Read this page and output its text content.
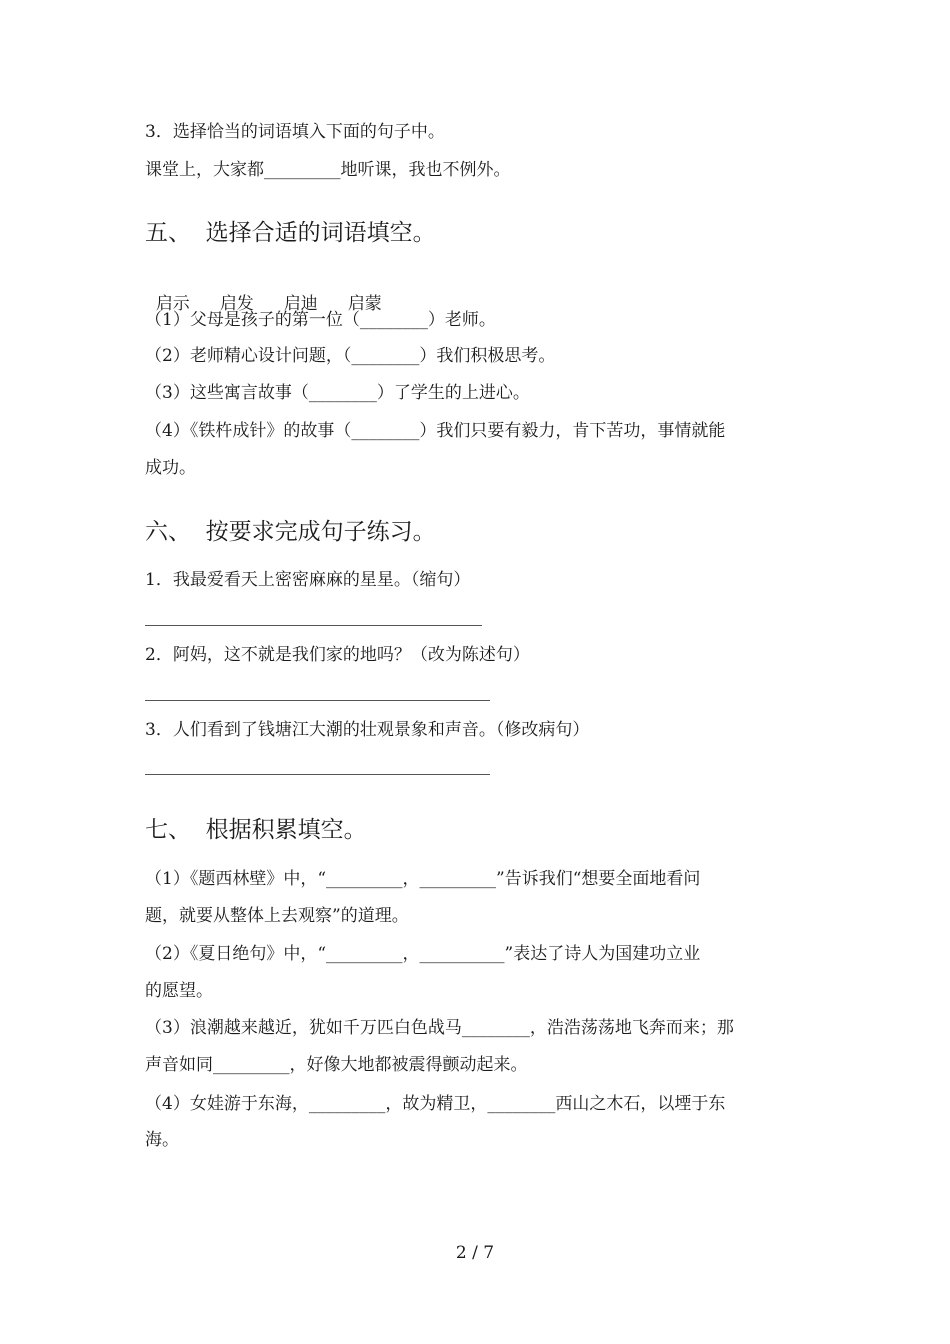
3．选择恰当的词语填入下面的句子中。
课堂上，大家都_________地听课，我也不例外。
五、  选择合适的词语填空。

启示 启发 启迪 启蒙

（1）父母是孩子的第一位（________）老师。
（2）老师精心设计问题，（________）我们积极思考。
（3）这些寓言故事（________）了学生的上进心。
（4）《铁杵成针》的故事（________）我们只要有毅力，肯下苦功，事情就能
成功。
六、  按要求完成句子练习。
1．我最爱看天上密密麻麻的星星。（缩句）
2．阿妈，这不就是我们家的地吗？（改为陈述句）
3．人们看到了钱塘江大潮的壮观景象和声音。（修改病句）
七、  根据积累填空。
（1）《题西林壁》中，“_________，_________”告诉我们“想要全面地看问
题，就要从整体上去观察”的道理。
（2）《夏日绝句》中，“_________，__________”表达了诗人为国建功立业
的愿望。
（3）浪潮越来越近，犹如千万匹白色战马________，浩浩荡荡地飞奔而来；那
声音如同_________，好像大地都被震得颤动起来。
（4）女娃游于东海，_________，故为精卫，________西山之木石，以堙于东
海。
2 / 7
